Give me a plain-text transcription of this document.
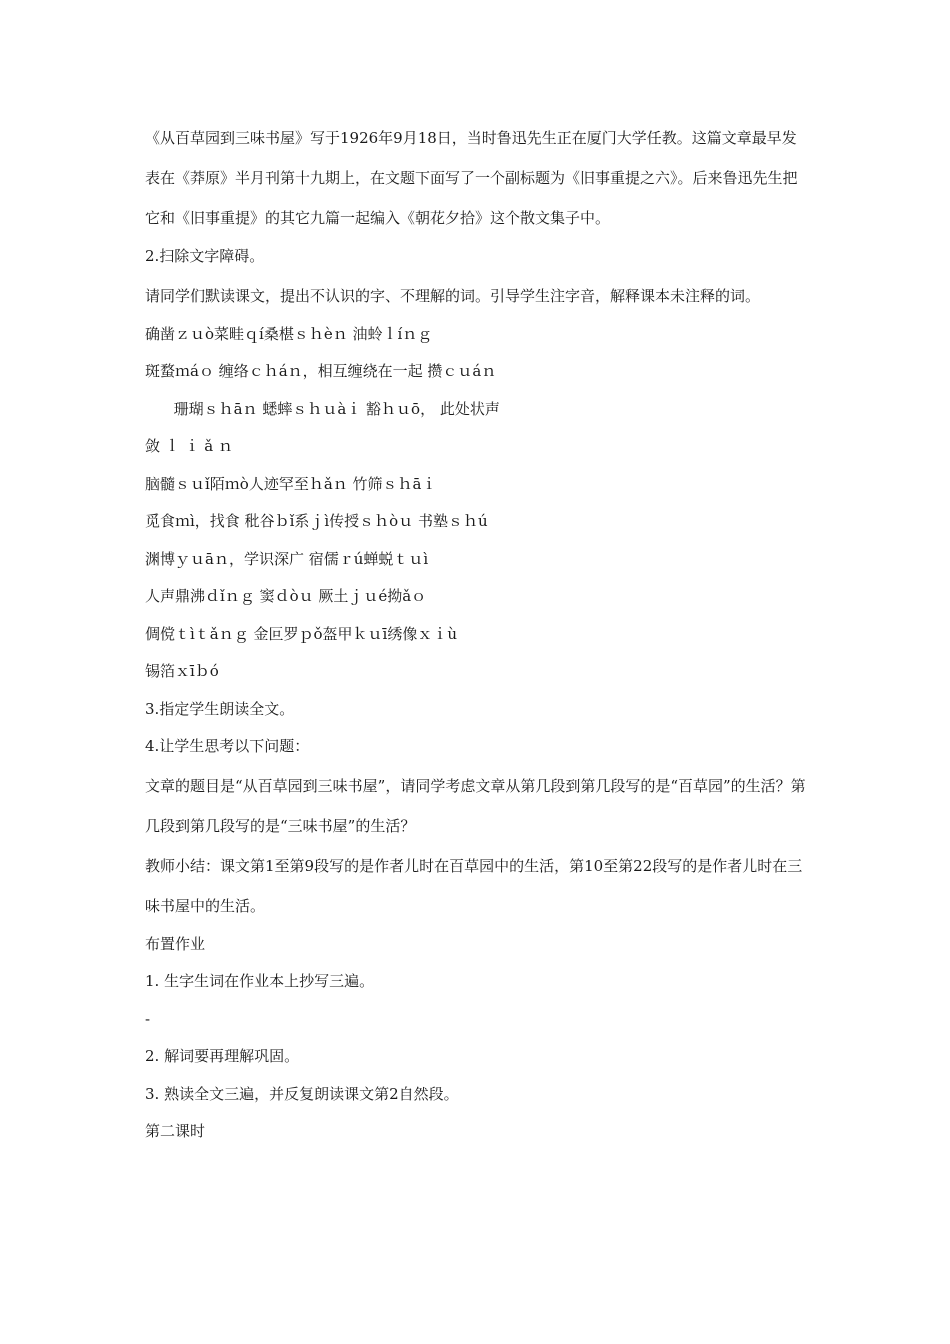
《从百草园到三味书屋》写于1926年9月18日，当时鲁迅先生正在厦门大学任教。这篇文章最早发表在《莽原》半月刊第十九期上，在文题下面写了一个副标题为《旧事重提之六》。后来鲁迅先生把它和《旧事重提》的其它九篇一起编入《朝花夕拾》这个散文集子中。

2.扫除文字障碍。

请同学们默读课文，提出不认识的字、不理解的词。引导学生注字音，解释课本未注释的词。

确凿ｚｕò菜畦ｑí桑椹ｓｈèｎ 油蛉ｌíｎｇ

斑蝥ｍáｏ 缠络ｃｈáｎ，相互缠绕在一起 攒ｃｕáｎ

珊瑚ｓｈāｎ 蟋蟀ｓｈｕàｉ 豁ｈｕō， 此处状声

敛 ｌ ｉ ǎ ｎ

脑髓ｓｕǐ陌ｍò人迹罕至ｈǎｎ 竹筛ｓｈāｉ

觅食ｍì，找食 秕谷ｂǐ系ｊì传授ｓｈòｕ 书塾ｓｈú

渊博ｙｕāｎ，学识深广 宿儒ｒú蝉蜕ｔｕì

人声鼎沸ｄǐｎｇ 窦ｄòｕ 厥土ｊｕé拗ǎｏ

倜傥ｔìｔǎｎｇ 金叵罗ｐǒ盔甲ｋｕī绣像ｘｉù

锡箔ｘīｂó

3.指定学生朗读全文。

4.让学生思考以下问题：

文章的题目是“从百草园到三味书屋”，请同学考虑文章从第几段到第几段写的是“百草园”的生活？第几段到第几段写的是“三味书屋”的生活？

教师小结：课文第1至第9段写的是作者儿时在百草园中的生活，第10至第22段写的是作者儿时在三味书屋中的生活。

布置作业

1. 生字生词在作业本上抄写三遍。

-

2. 解词要再理解巩固。

3. 熟读全文三遍，并反复朗读课文第2自然段。

第二课时
